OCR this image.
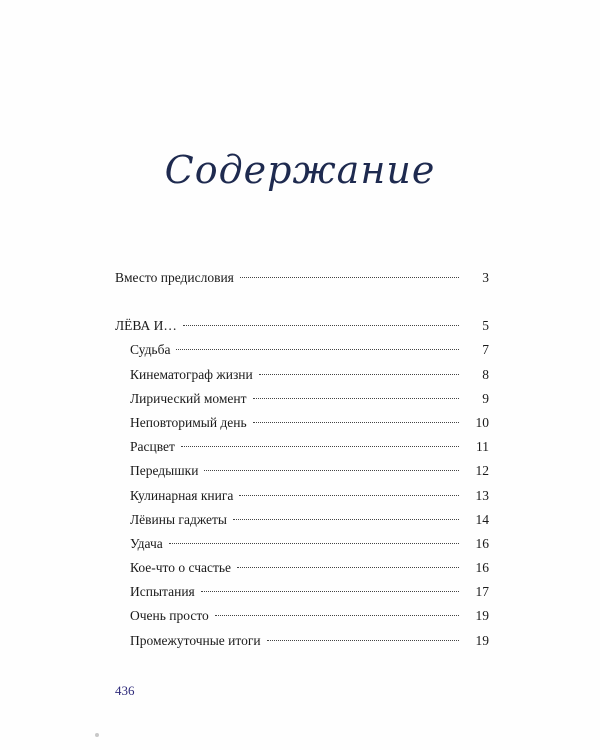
Содержание
Вместо предисловия	3
ЛЁВА И…	5
Судьба	7
Кинематограф жизни	8
Лирический момент	9
Неповторимый день	10
Расцвет	11
Передышки	12
Кулинарная книга	13
Лёвины гаджеты	14
Удача	16
Кое-что о счастье	16
Испытания	17
Очень просто	19
Промежуточные итоги	19
436
